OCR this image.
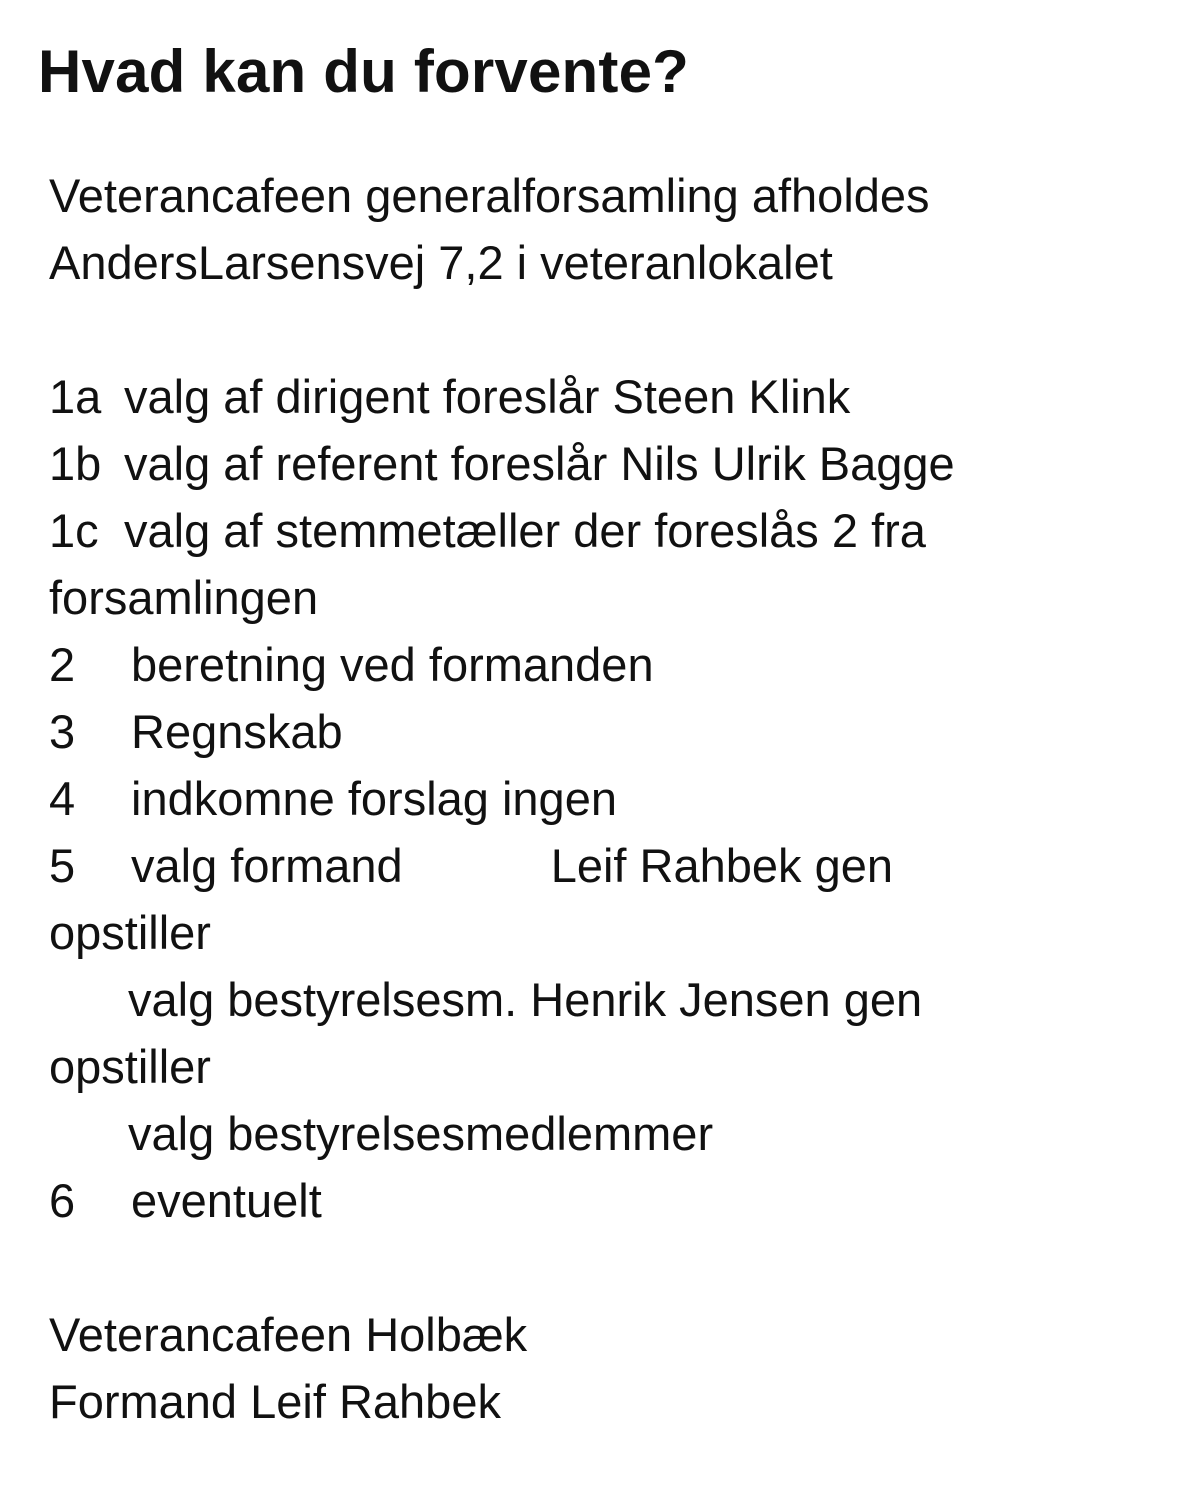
Hvad kan du forvente?
Veterancafeen generalforsamling afholdes
AndersLarsensvej 7,2 i veteranlokalet
1a valg af dirigent foreslår Steen Klink
1b valg af referent foreslår Nils Ulrik Bagge
1c valg af stemmetæller der foreslås 2 fra
forsamlingen
2 beretning ved formanden
3 Regnskab
4 indkomne forslag ingen
5 valg formand	Leif Rahbek gen
opstiller
valg bestyrelsesm. Henrik Jensen gen
opstiller
valg bestyrelsesmedlemmer
6 eventuelt
Veterancafeen Holbæk
Formand Leif Rahbek
